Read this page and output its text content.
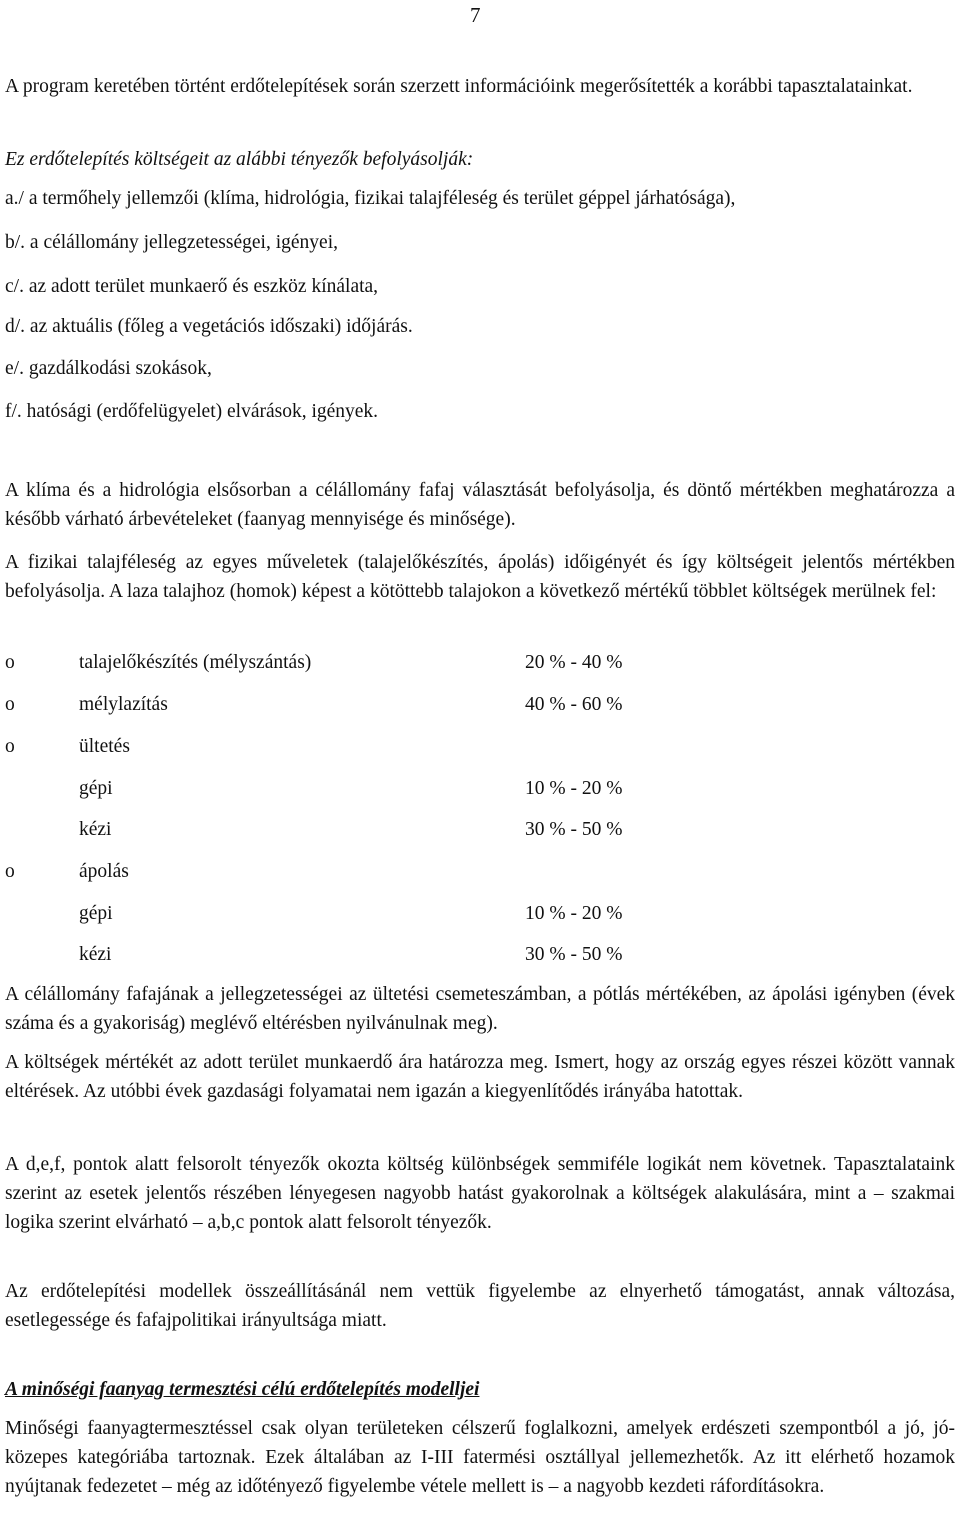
7

A program keretében történt erdőtelepítések során szerzett információink megerősítették a korábbi tapasztalatainkat.

Ez erdőtelepítés költségeit az alábbi tényezők befolyásolják:

a./ a termőhely jellemzői (klíma, hidrológia, fizikai talajféleség és terület géppel járhatósága),

b/. a célállomány jellegzetességei, igényei,

c/. az adott terület munkaerő és eszköz kínálata,

d/. az aktuális (főleg a vegetációs időszaki) időjárás.

e/. gazdálkodási szokások,

f/. hatósági (erdőfelügyelet) elvárások, igények.

A klíma és a hidrológia elsősorban a célállomány fafaj választását befolyásolja, és döntő mértékben meghatározza a később várható árbevételeket (faanyag mennyisége és minősége).

A fizikai talajféleség az egyes műveletek (talajelőkészítés, ápolás) időigényét és így költségeit jelentős mértékben befolyásolja. A laza talajhoz (homok) képest a kötöttebb talajokon a következő mértékű többlet költségek merülnek fel:

o	talajelőkészítés (mélyszántás)	20 % - 40 %
o	mélylazítás	40 % - 60 %
o	ültetés
gépi	10 % - 20 %
kézi	30 % - 50 %
o	ápolás
gépi	10 % - 20 %
kézi	30 % - 50 %

A célállomány fafajának a jellegzetességei az ültetési csemeteszámban, a pótlás mértékében, az ápolási igényben (évek száma és a gyakoriság) meglévő eltérésben nyilvánulnak meg).

A költségek mértékét az adott terület munkaerdő ára határozza meg. Ismert, hogy az ország egyes részei között vannak eltérések. Az utóbbi évek gazdasági folyamatai nem igazán a kiegyenlítődés irányába hatottak.

A d,e,f, pontok alatt felsorolt tényezők okozta költség különbségek semmiféle logikát nem követnek. Tapasztalataink szerint az esetek jelentős részében lényegesen nagyobb hatást gyakorolnak a költségek alakulására, mint a – szakmai logika szerint elvárható – a,b,c pontok alatt felsorolt tényezők.

Az erdőtelepítési modellek összeállításánál nem vettük figyelembe az elnyerhető támogatást, annak változása, esetlegessége és fafajpolitikai irányultsága miatt.

A minőségi faanyag termesztési célú erdőtelepítés modelljei

Minőségi faanyagtermesztéssel csak olyan területeken célszerű foglalkozni, amelyek erdészeti szempontból a jó, jó-közepes kategóriába tartoznak. Ezek általában az I-III fatermési osztállyal jellemezhetők. Az itt elérhető hozamok nyújtanak fedezetet – még az időtényező figyelembe vétele mellett is – a nagyobb kezdeti ráfordításokra.
